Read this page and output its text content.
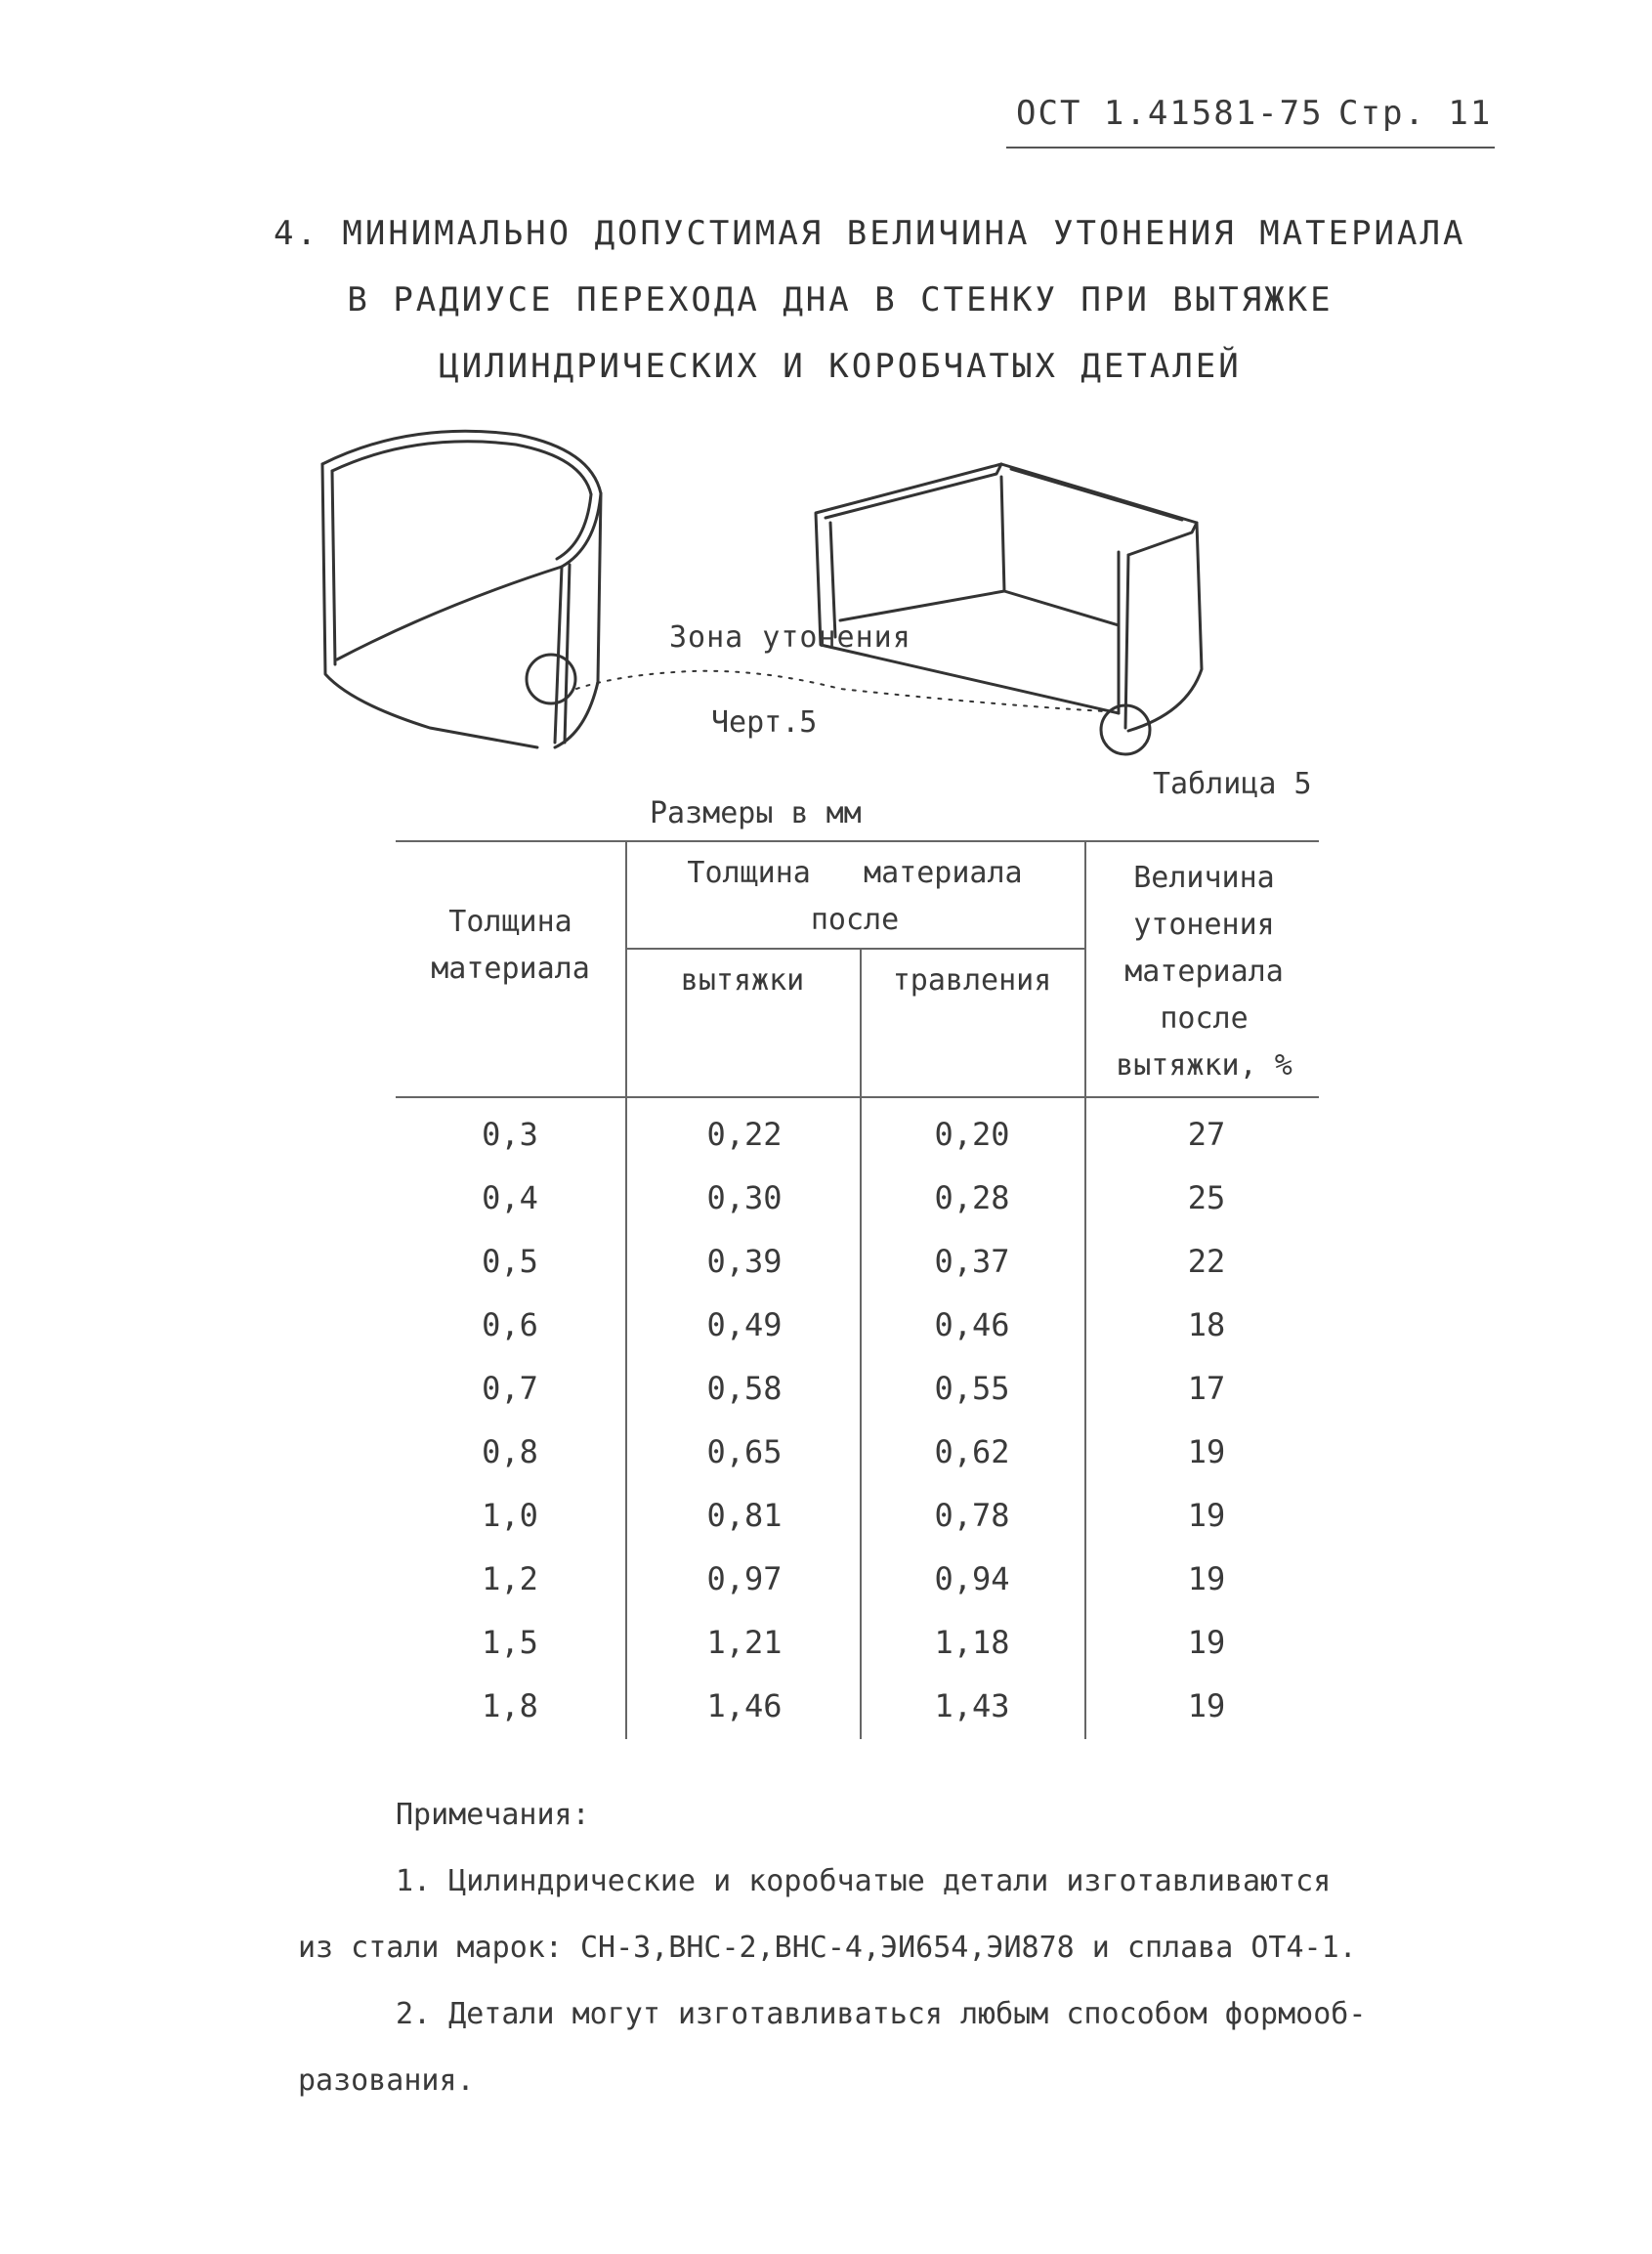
ОСТ 1.41581-75 Стр. 11
4. МИНИМАЛЬНО ДОПУСТИМАЯ ВЕЛИЧИНА УТОНЕНИЯ МАТЕРИАЛА
В РАДИУСЕ ПЕРЕХОДА ДНА В СТЕНКУ ПРИ ВЫТЯЖКЕ
ЦИЛИНДРИЧЕСКИХ И КОРОБЧАТЫХ ДЕТАЛЕЙ
Зона утонения
Черт.5
Таблица 5
Размеры в мм
Толщина
материала
Толщина   материала
после
вытяжки	травления
Величина
утонения
материала
после
вытяжки, %
0,3	0,22	0,20	27
0,4	0,30	0,28	25
0,5	0,39	0,37	22
0,6	0,49	0,46	18
0,7	0,58	0,55	17
0,8	0,65	0,62	19
1,0	0,81	0,78	19
1,2	0,97	0,94	19
1,5	1,21	1,18	19
1,8	1,46	1,43	19
Примечания:
1. Цилиндрические и коробчатые детали изготавливаются
из стали марок: СН-3,ВНС-2,ВНС-4,ЭИ654,ЭИ878 и сплава ОТ4-1.
2. Детали могут изготавливаться любым способом формооб-
разования.
